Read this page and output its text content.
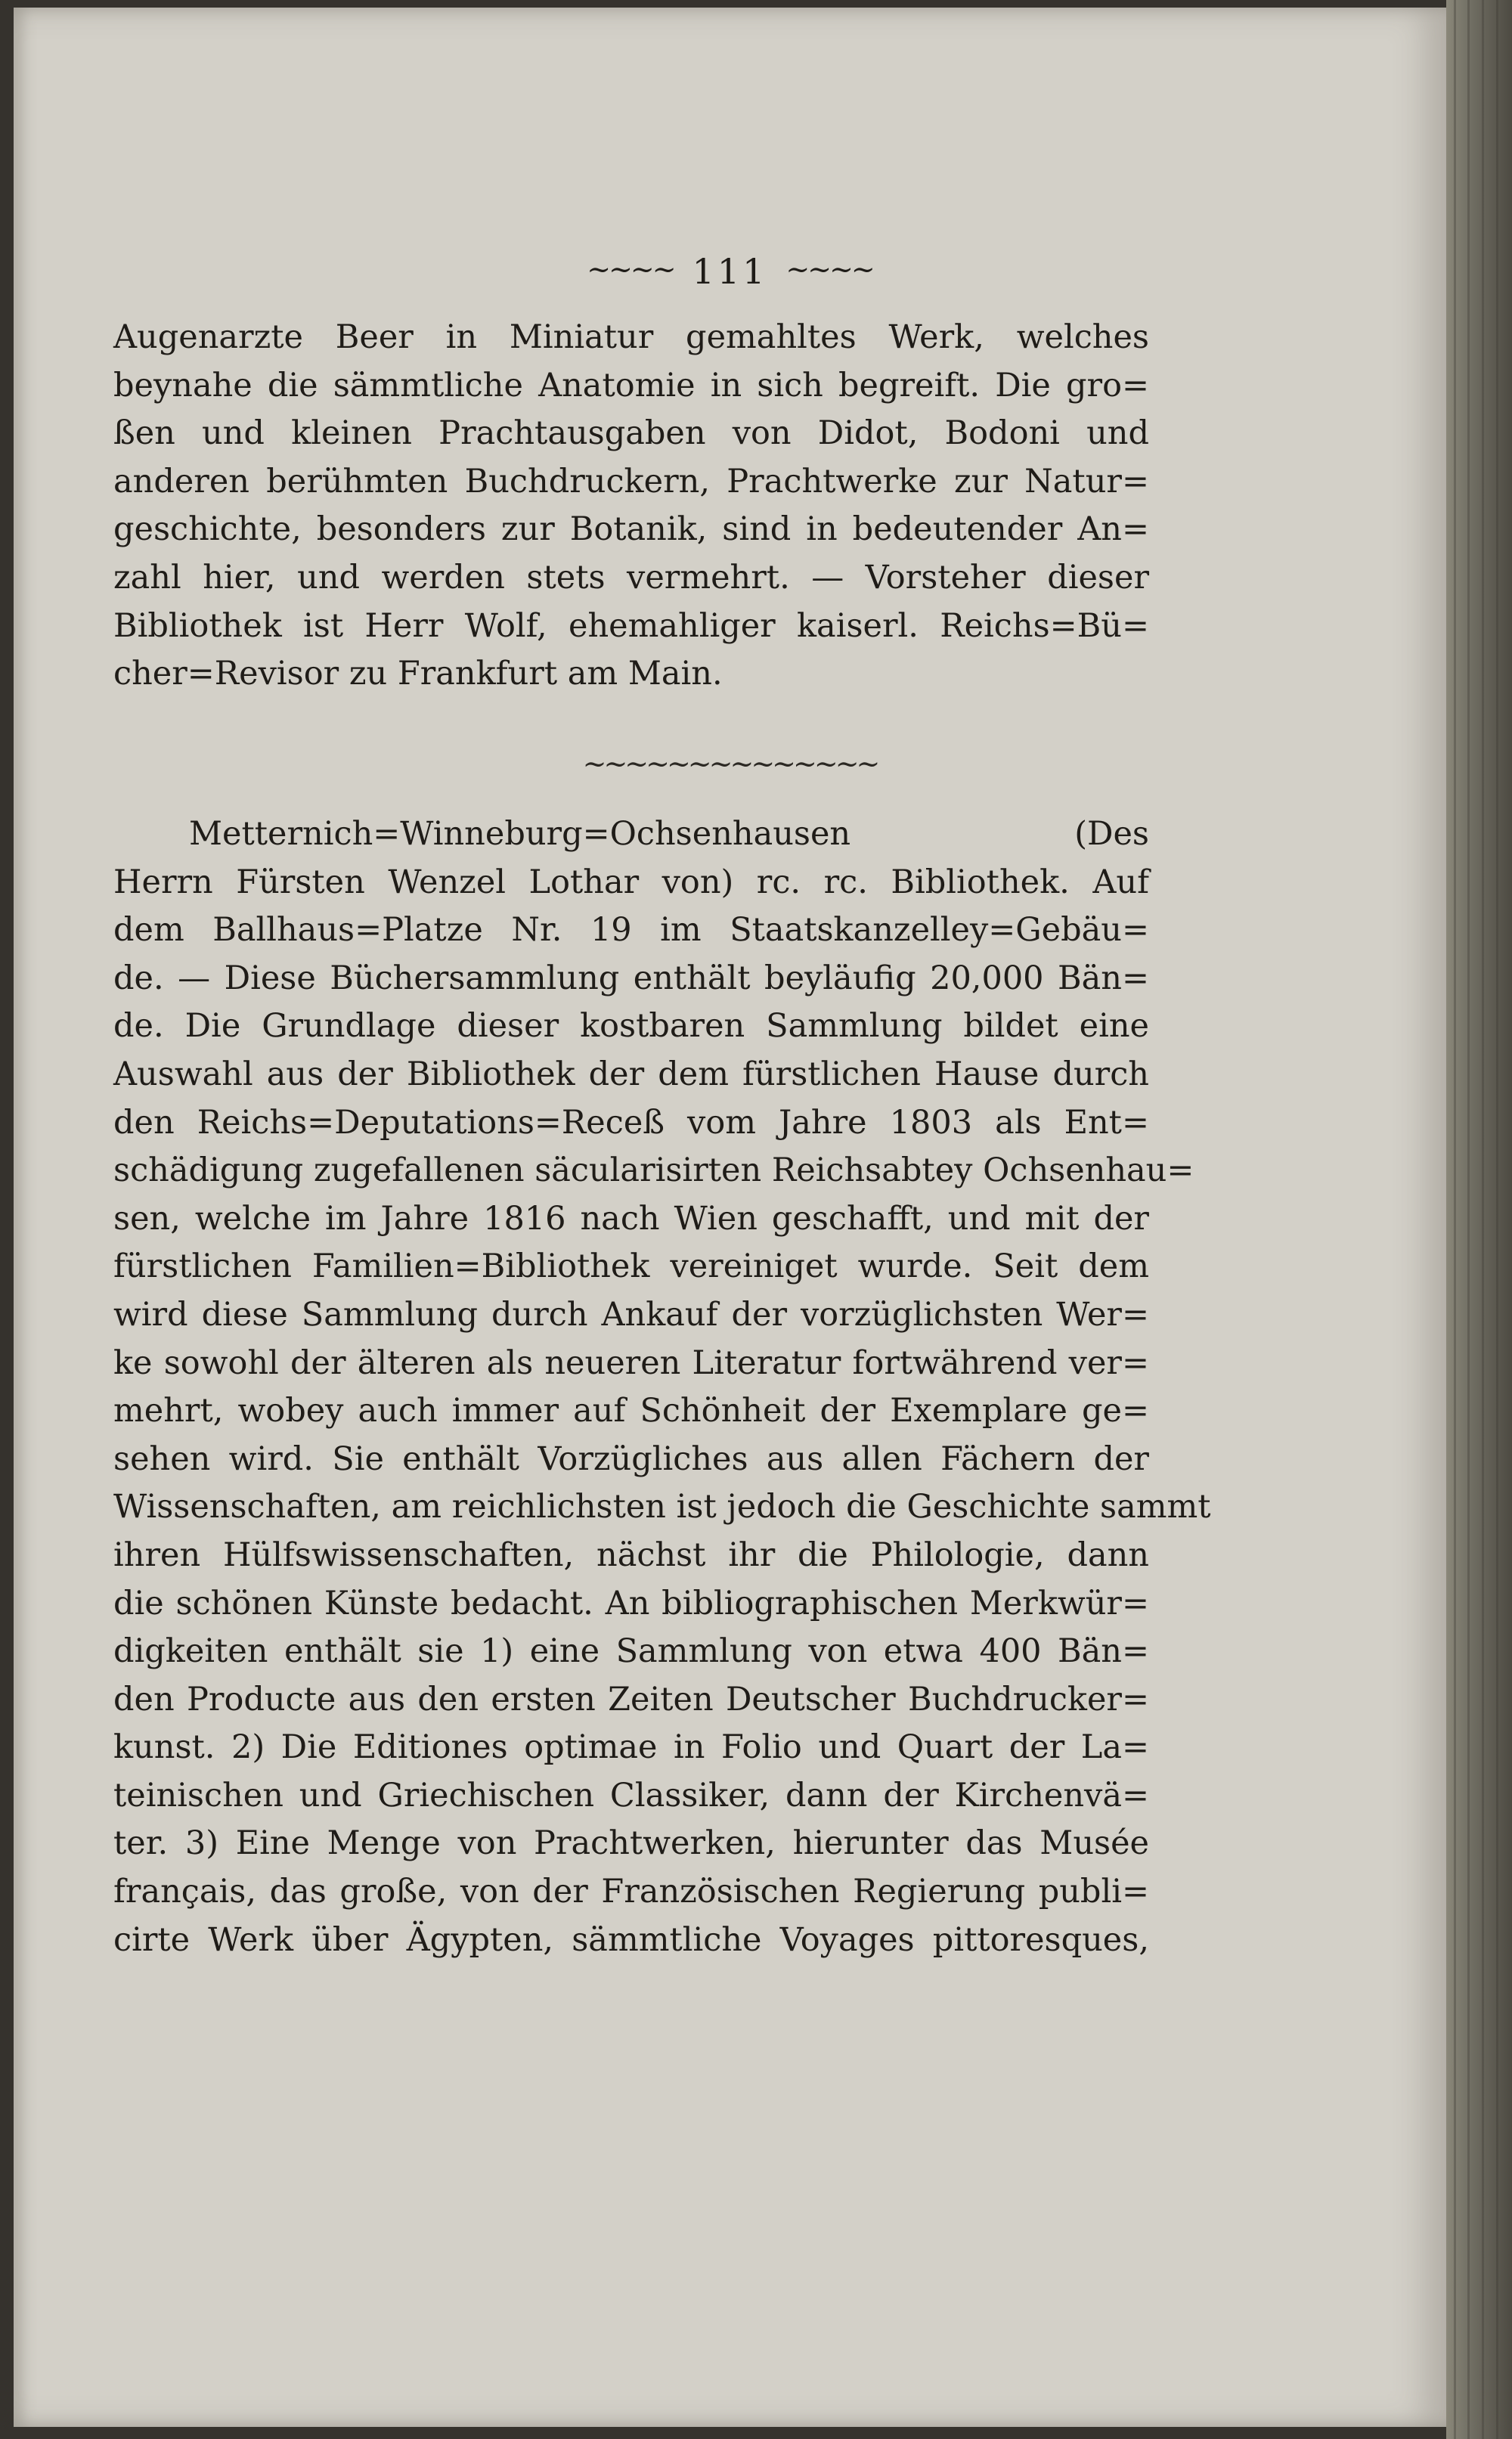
~~~~ 111 ~~~~
Augenarzte Beer in Miniatur gemahltes Werk, welches
beynahe die sämmtliche Anatomie in sich begreift. Die gro=
ßen und kleinen Prachtausgaben von Didot, Bodoni und
anderen berühmten Buchdruckern, Prachtwerke zur Natur=
geschichte, besonders zur Botanik, sind in bedeutender An=
zahl hier, und werden stets vermehrt. — Vorsteher dieser
Bibliothek ist Herr Wolf, ehemahliger kaiserl. Reichs=Bü=
cher=Revisor zu Frankfurt am Main.
~~~~~~~~~~~~~~
Metternich=Winneburg=Ochsenhausen (Des
Herrn Fürsten Wenzel Lothar von) rc. rc. Bibliothek. Auf
dem Ballhaus=Platze Nr. 19 im Staatskanzelley=Gebäu=
de. — Diese Büchersammlung enthält beyläufig 20,000 Bän=
de. Die Grundlage dieser kostbaren Sammlung bildet eine
Auswahl aus der Bibliothek der dem fürstlichen Hause durch
den Reichs=Deputations=Receß vom Jahre 1803 als Ent=
schädigung zugefallenen säcularisirten Reichsabtey Ochsenhau=
sen, welche im Jahre 1816 nach Wien geschafft, und mit der
fürstlichen Familien=Bibliothek vereiniget wurde. Seit dem
wird diese Sammlung durch Ankauf der vorzüglichsten Wer=
ke sowohl der älteren als neueren Literatur fortwährend ver=
mehrt, wobey auch immer auf Schönheit der Exemplare ge=
sehen wird. Sie enthält Vorzügliches aus allen Fächern der
Wissenschaften, am reichlichsten ist jedoch die Geschichte sammt
ihren Hülfswissenschaften, nächst ihr die Philologie, dann
die schönen Künste bedacht. An bibliographischen Merkwür=
digkeiten enthält sie 1) eine Sammlung von etwa 400 Bän=
den Producte aus den ersten Zeiten Deutscher Buchdrucker=
kunst. 2) Die Editiones optimae in Folio und Quart der La=
teinischen und Griechischen Classiker, dann der Kirchenvä=
ter. 3) Eine Menge von Prachtwerken, hierunter das Musée
français, das große, von der Französischen Regierung publi=
cirte Werk über Ägypten, sämmtliche Voyages pittoresques,
